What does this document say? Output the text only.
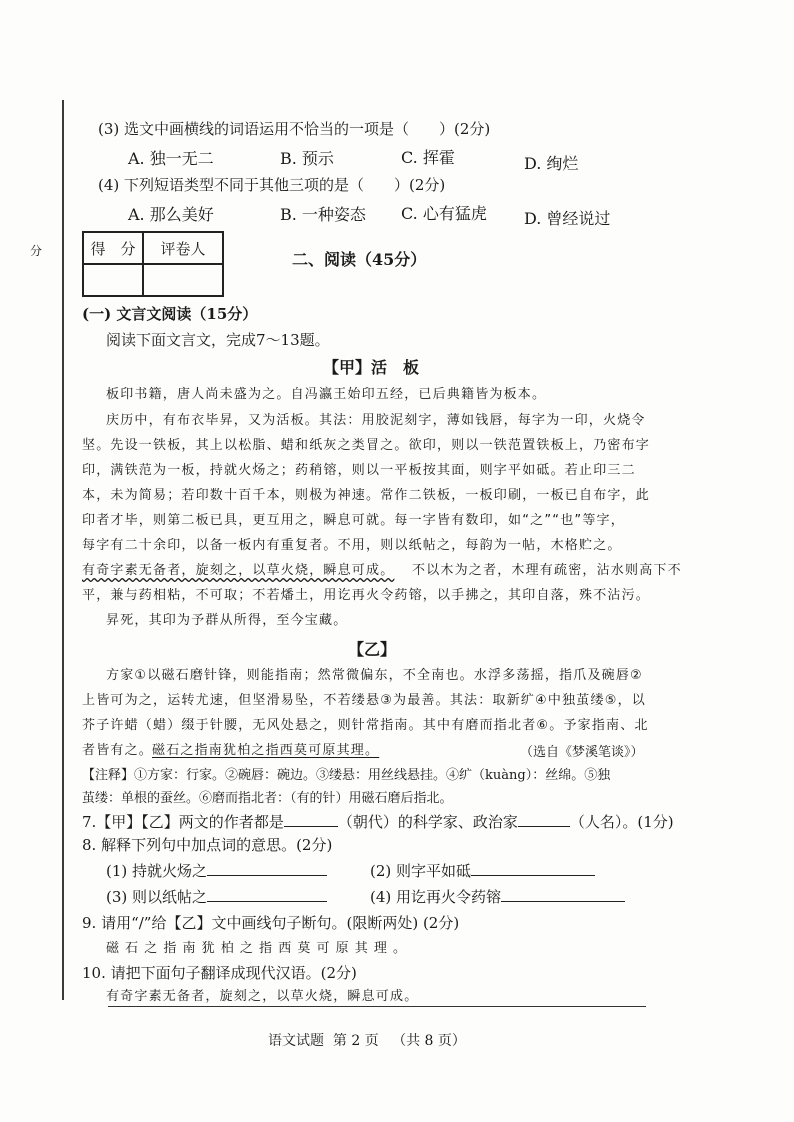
分
(3) 选文中画横线的词语运用不恰当的一项是（　　）(2分)
A. 独一无二	B. 预示	C. 挥霍	D. 绚烂
(4) 下列短语类型不同于其他三项的是（　　）(2分)
A. 那么美好	B. 一种姿态 C. 心有猛虎 D. 曾经说过
得　分	评卷人

二、阅读（45分）
(一) 文言文阅读（15分）
阅读下面文言文，完成7～13题。
【甲】活　板
板印书籍，唐人尚未盛为之。自冯瀛王始印五经，已后典籍皆为板本。
庆历中，有布衣毕昇，又为活板。其法：用胶泥刻字，薄如钱唇，每字为一印，火烧令
坚。先设一铁板，其上以松脂、蜡和纸灰之类冒之。欲印，则以一铁范置铁板上，乃密布字
印，满铁范为一板，持就火炀之；药稍镕，则以一平板按其面，则字平如砥。若止印三二
本，未为简易；若印数十百千本，则极为神速。常作二铁板，一板印刷，一板已自布字，此
印者才毕，则第二板已具，更互用之，瞬息可就。每一字皆有数印，如“之”“也”等字，
每字有二十余印，以备一板内有重复者。不用，则以纸帖之，每韵为一帖，木格贮之。
有奇字素无备者，旋刻之，以草火烧，瞬息可成。 不以木为之者，木理有疏密，沾水则高下不
平，兼与药相粘，不可取；不若燔土，用讫再火令药镕，以手拂之，其印自落，殊不沾污。
昇死，其印为予群从所得，至今宝藏。
【乙】
方家①以磁石磨针锋，则能指南；然常微偏东，不全南也。水浮多荡摇，指爪及碗唇②
上皆可为之，运转尤速，但坚滑易坠，不若缕悬③为最善。其法：取新纩④中独茧缕⑤，以
芥子许蜡（蜡）缀于针腰，无风处悬之，则针常指南。其中有磨而指北者⑥。予家指南、北
者皆有之。
磁石之指南犹柏之指西莫可原其理。	（选自《梦溪笔谈》）
【注释】①方家：行家。②碗唇：碗边。③缕悬：用丝线悬挂。④纩（kuàng）：丝绵。⑤独
茧缕：单根的蚕丝。⑥磨而指北者：（有的针）用磁石磨后指北。
7.【甲】【乙】两文的作者都是	（朝代）的科学家、政治家	（人名）。(1分)
8. 解释下列句中加点词的意思。(2分)
(1) 持就火炀之	(2) 则字平如砥
(3) 则以纸帖之	(4) 用讫再火令药镕
9. 请用“/”给【乙】文中画线句子断句。(限断两处) (2分)
磁 石 之 指 南 犹 柏 之 指 西 莫 可 原 其 理 。
10. 请把下面句子翻译成现代汉语。(2分)
有奇字素无备者，旋刻之，以草火烧，瞬息可成。
语文试题 第 2 页 （共 8 页）
